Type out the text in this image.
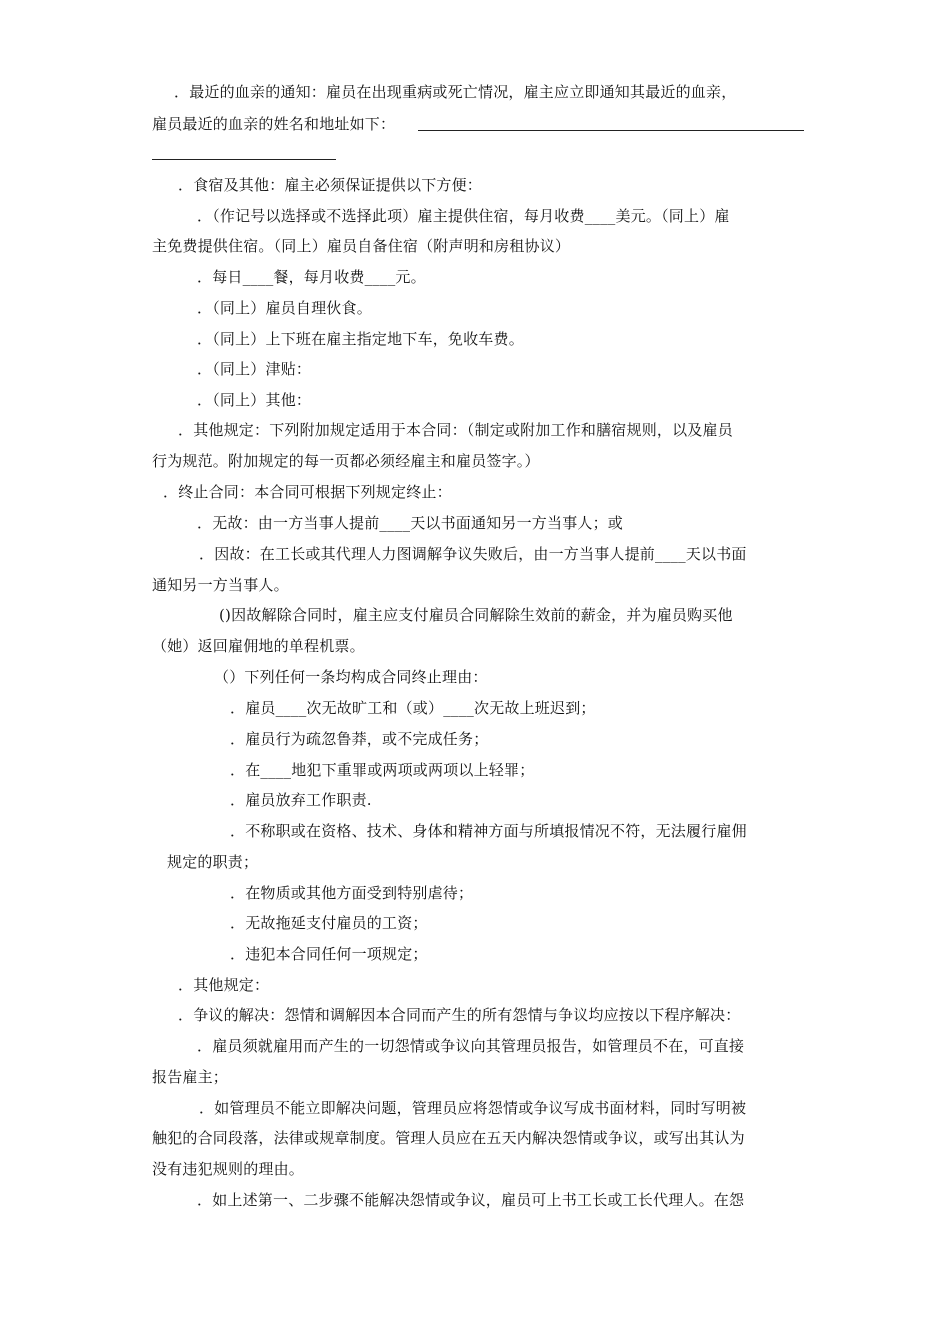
．最近的血亲的通知：雇员在出现重病或死亡情况，雇主应立即通知其最近的血亲，
雇员最近的血亲的姓名和地址如下：
．食宿及其他：雇主必须保证提供以下方便：
．（作记号以选择或不选择此项）雇主提供住宿，每月收费____美元。（同上）雇
主免费提供住宿。（同上）雇员自备住宿（附声明和房租协议）
．每日____餐，每月收费____元。
．（同上）雇员自理伙食。
．（同上）上下班在雇主指定地下车，免收车费。
．（同上）津贴：
．（同上）其他：
．其他规定：下列附加规定适用于本合同：（制定或附加工作和膳宿规则，以及雇员
行为规范。附加规定的每一页都必须经雇主和雇员签字。）
．终止合同：本合同可根据下列规定终止：
．无故：由一方当事人提前____天以书面通知另一方当事人；或
．因故：在工长或其代理人力图调解争议失败后，由一方当事人提前____天以书面
通知另一方当事人。
()因故解除合同时，雇主应支付雇员合同解除生效前的薪金，并为雇员购买他
（她）返回雇佣地的单程机票。
（）下列任何一条均构成合同终止理由：
．雇员____次无故旷工和（或）____次无故上班迟到；
．雇员行为疏忽鲁莽，或不完成任务；
．在____地犯下重罪或两项或两项以上轻罪；
．雇员放弃工作职责.
．不称职或在资格、技术、身体和精神方面与所填报情况不符，无法履行雇佣
规定的职责；
．在物质或其他方面受到特别虐待；
．无故拖延支付雇员的工资；
．违犯本合同任何一项规定；
．其他规定：
．争议的解决：怨情和调解因本合同而产生的所有怨情与争议均应按以下程序解决：
．雇员须就雇用而产生的一切怨情或争议向其管理员报告，如管理员不在，可直接
报告雇主；
．如管理员不能立即解决问题，管理员应将怨情或争议写成书面材料，同时写明被
触犯的合同段落，法律或规章制度。管理人员应在五天内解决怨情或争议，或写出其认为
没有违犯规则的理由。
．如上述第一、二步骤不能解决怨情或争议，雇员可上书工长或工长代理人。在怨
